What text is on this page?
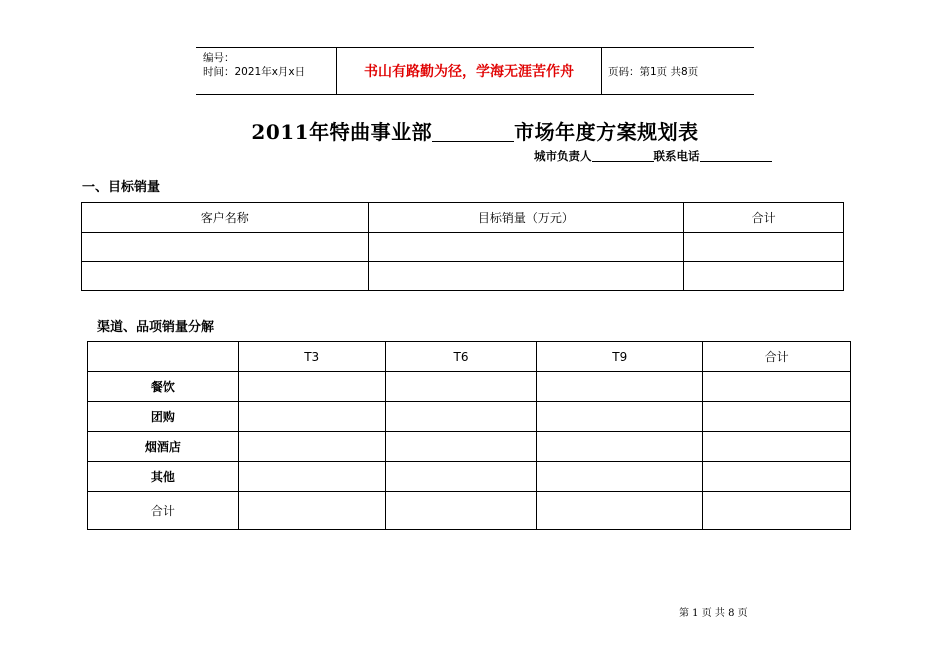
编号：
时间：2021年x月x日	书山有路勤为径，学海无涯苦作舟	页码：第1页 共8页
2011年特曲事业部	市场年度方案规划表
城市负责人	联系电话
一、目标销量
客户名称	目标销量（万元）	合计

渠道、品项销量分解
	T3	T6	T9	合计
餐饮				
团购				
烟酒店				
其他				
合计				
第 1 页 共 8 页
